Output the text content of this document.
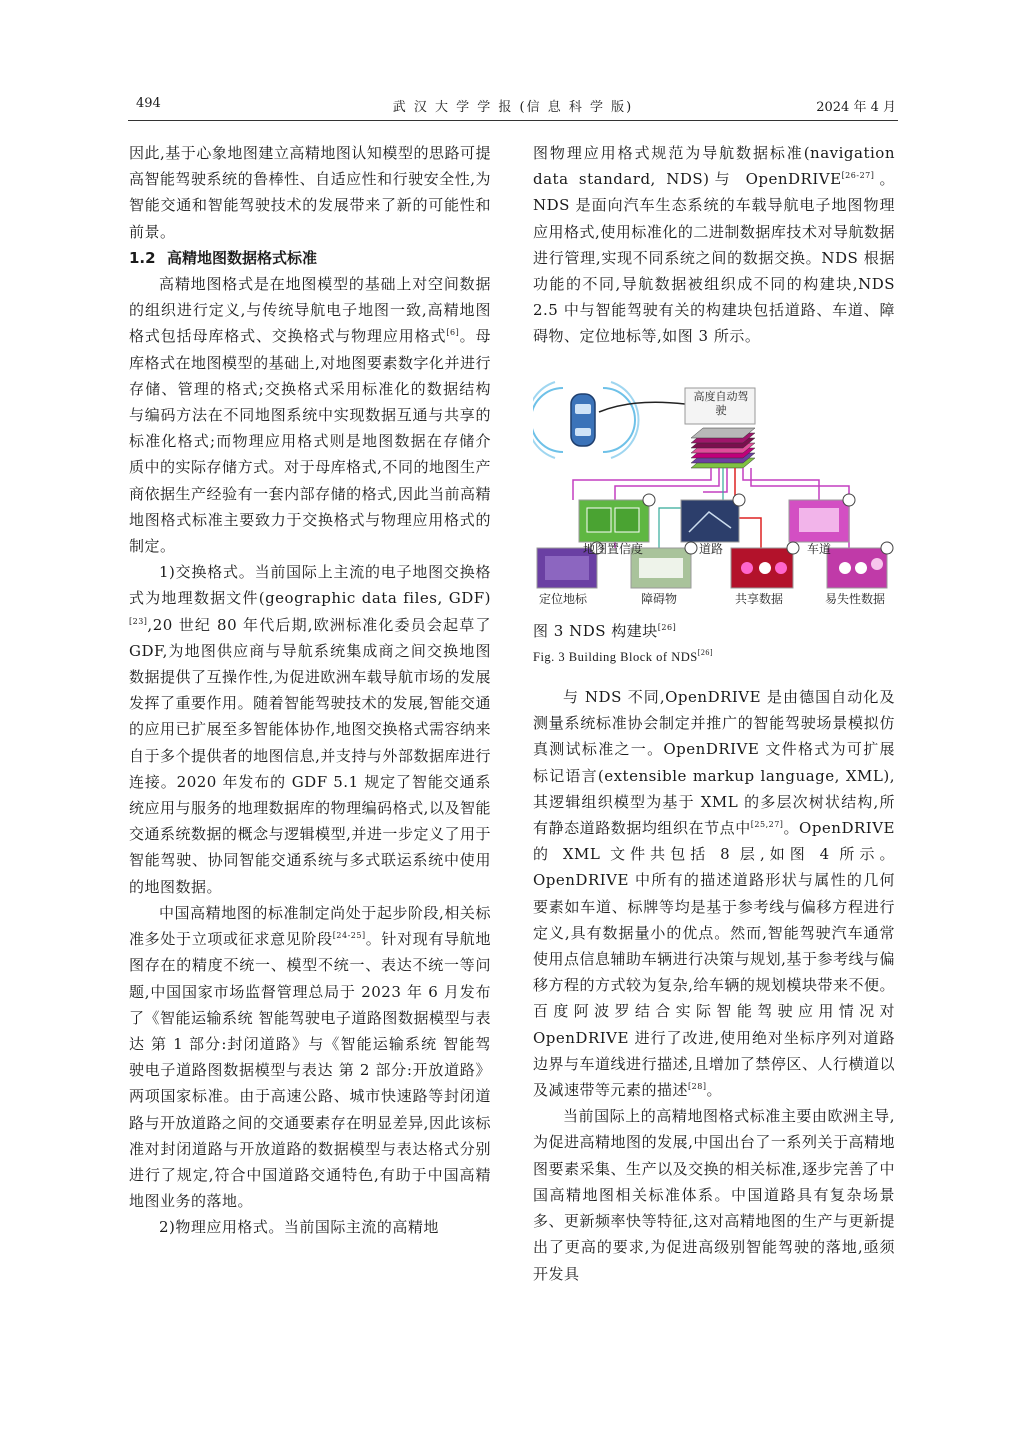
494	武 汉 大 学 学 报 (信 息 科 学 版)	2024 年 4 月

因此,基于心象地图建立高精地图认知模型的思路可提高智能驾驶系统的鲁棒性、自适应性和行驶安全性,为智能交通和智能驾驶技术的发展带来了新的可能性和前景。

1.2 高精地图数据格式标准

高精地图格式是在地图模型的基础上对空间数据的组织进行定义,与传统导航电子地图一致,高精地图格式包括母库格式、交换格式与物理应用格式[6]。母库格式在地图模型的基础上,对地图要素数字化并进行存储、管理的格式;交换格式采用标准化的数据结构与编码方法在不同地图系统中实现数据互通与共享的标准化格式;而物理应用格式则是地图数据在存储介质中的实际存储方式。对于母库格式,不同的地图生产商依据生产经验有一套内部存储的格式,因此当前高精地图格式标准主要致力于交换格式与物理应用格式的制定。

1)交换格式。当前国际上主流的电子地图交换格式为地理数据文件(geographic data files, GDF)[23],20 世纪 80 年代后期,欧洲标准化委员会起草了GDF,为地图供应商与导航系统集成商之间交换地图数据提供了互操作性,为促进欧洲车载导航市场的发展发挥了重要作用。随着智能驾驶技术的发展,智能交通的应用已扩展至多智能体协作,地图交换格式需容纳来自于多个提供者的地图信息,并支持与外部数据库进行连接。2020 年发布的 GDF 5.1 规定了智能交通系统应用与服务的地理数据库的物理编码格式,以及智能交通系统数据的概念与逻辑模型,并进一步定义了用于智能驾驶、协同智能交通系统与多式联运系统中使用的地图数据。

中国高精地图的标准制定尚处于起步阶段,相关标准多处于立项或征求意见阶段[24-25]。针对现有导航地图存在的精度不统一、模型不统一、表达不统一等问题,中国国家市场监督管理总局于 2023 年 6 月发布了《智能运输系统 智能驾驶电子道路图数据模型与表达 第 1 部分:封闭道路》与《智能运输系统 智能驾驶电子道路图数据模型与表达 第 2 部分:开放道路》两项国家标准。由于高速公路、城市快速路等封闭道路与开放道路之间的交通要素存在明显差异,因此该标准对封闭道路与开放道路的数据模型与表达格式分别进行了规定,符合中国道路交通特色,有助于中国高精地图业务的落地。

2)物理应用格式。当前国际主流的高精地

图物理应用格式规范为导航数据标准(navigation data standard, NDS)与 OpenDRIVE[26-27]。NDS 是面向汽车生态系统的车载导航电子地图物理应用格式,使用标准化的二进制数据库技术对导航数据进行管理,实现不同系统之间的数据交换。NDS 根据功能的不同,导航数据被组织成不同的构建块,NDS 2.5 中与智能驾驶有关的构建块包括道路、车道、障碍物、定位地标等,如图 3 所示。

高度自动驾驶
地图置信度	道路	车道
定位地标	障碍物	共享数据	易失性数据

图 3 NDS 构建块[26]

Fig. 3 Building Block of NDS[26]

与 NDS 不同,OpenDRIVE 是由德国自动化及测量系统标准协会制定并推广的智能驾驶场景模拟仿真测试标准之一。OpenDRIVE 文件格式为可扩展标记语言(extensible markup language, XML),其逻辑组织模型为基于 XML 的多层次树状结构,所有静态道路数据均组织在节点中[25,27]。OpenDRIVE 的 XML 文件共包括 8 层,如图 4 所示。OpenDRIVE 中所有的描述道路形状与属性的几何要素如车道、标牌等均是基于参考线与偏移方程进行定义,具有数据量小的优点。然而,智能驾驶汽车通常使用点信息辅助车辆进行决策与规划,基于参考线与偏移方程的方式较为复杂,给车辆的规划模块带来不便。百度阿波罗结合实际智能驾驶应用情况对 OpenDRIVE 进行了改进,使用绝对坐标序列对道路边界与车道线进行描述,且增加了禁停区、人行横道以及减速带等元素的描述[28]。

当前国际上的高精地图格式标准主要由欧洲主导,为促进高精地图的发展,中国出台了一系列关于高精地图要素采集、生产以及交换的相关标准,逐步完善了中国高精地图相关标准体系。中国道路具有复杂场景多、更新频率快等特征,这对高精地图的生产与更新提出了更高的要求,为促进高级别智能驾驶的落地,亟须开发具
